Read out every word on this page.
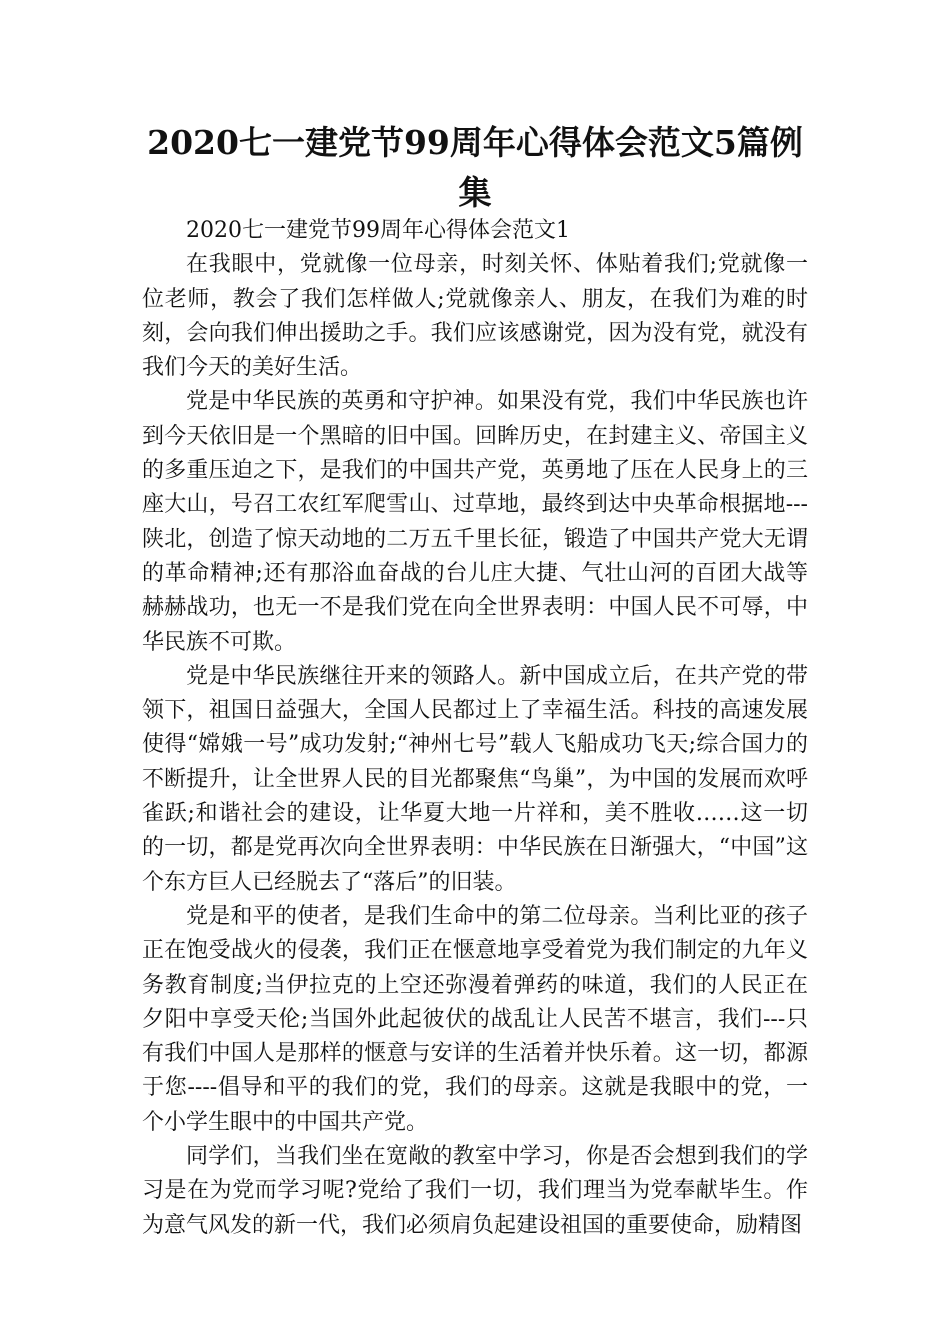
2020七一建党节99周年心得体会范文5篇例集

2020七一建党节99周年心得体会范文1

在我眼中，党就像一位母亲，时刻关怀、体贴着我们;党就像一位老师，教会了我们怎样做人;党就像亲人、朋友，在我们为难的时刻，会向我们伸出援助之手。我们应该感谢党，因为没有党，就没有我们今天的美好生活。

党是中华民族的英勇和守护神。如果没有党，我们中华民族也许到今天依旧是一个黑暗的旧中国。回眸历史，在封建主义、帝国主义的多重压迫之下，是我们的中国共产党，英勇地了压在人民身上的三座大山，号召工农红军爬雪山、过草地，最终到达中央革命根据地---陕北，创造了惊天动地的二万五千里长征，锻造了中国共产党大无谓的革命精神;还有那浴血奋战的台儿庄大捷、气壮山河的百团大战等赫赫战功，也无一不是我们党在向全世界表明：中国人民不可辱，中华民族不可欺。

党是中华民族继往开来的领路人。新中国成立后，在共产党的带领下，祖国日益强大，全国人民都过上了幸福生活。科技的高速发展使得“嫦娥一号”成功发射;“神州七号”载人飞船成功飞天;综合国力的不断提升，让全世界人民的目光都聚焦“鸟巢”，为中国的发展而欢呼雀跃;和谐社会的建设，让华夏大地一片祥和，美不胜收……这一切的一切，都是党再次向全世界表明：中华民族在日渐强大，“中国”这个东方巨人已经脱去了“落后”的旧装。

党是和平的使者，是我们生命中的第二位母亲。当利比亚的孩子正在饱受战火的侵袭，我们正在惬意地享受着党为我们制定的九年义务教育制度;当伊拉克的上空还弥漫着弹药的味道，我们的人民正在夕阳中享受天伦;当国外此起彼伏的战乱让人民苦不堪言，我们---只有我们中国人是那样的惬意与安详的生活着并快乐着。这一切，都源于您----倡导和平的我们的党，我们的母亲。这就是我眼中的党，一个小学生眼中的中国共产党。

同学们，当我们坐在宽敞的教室中学习，你是否会想到我们的学习是在为党而学习呢?党给了我们一切，我们理当为党奉献毕生。作为意气风发的新一代，我们必须肩负起建设祖国的重要使命，励精图
